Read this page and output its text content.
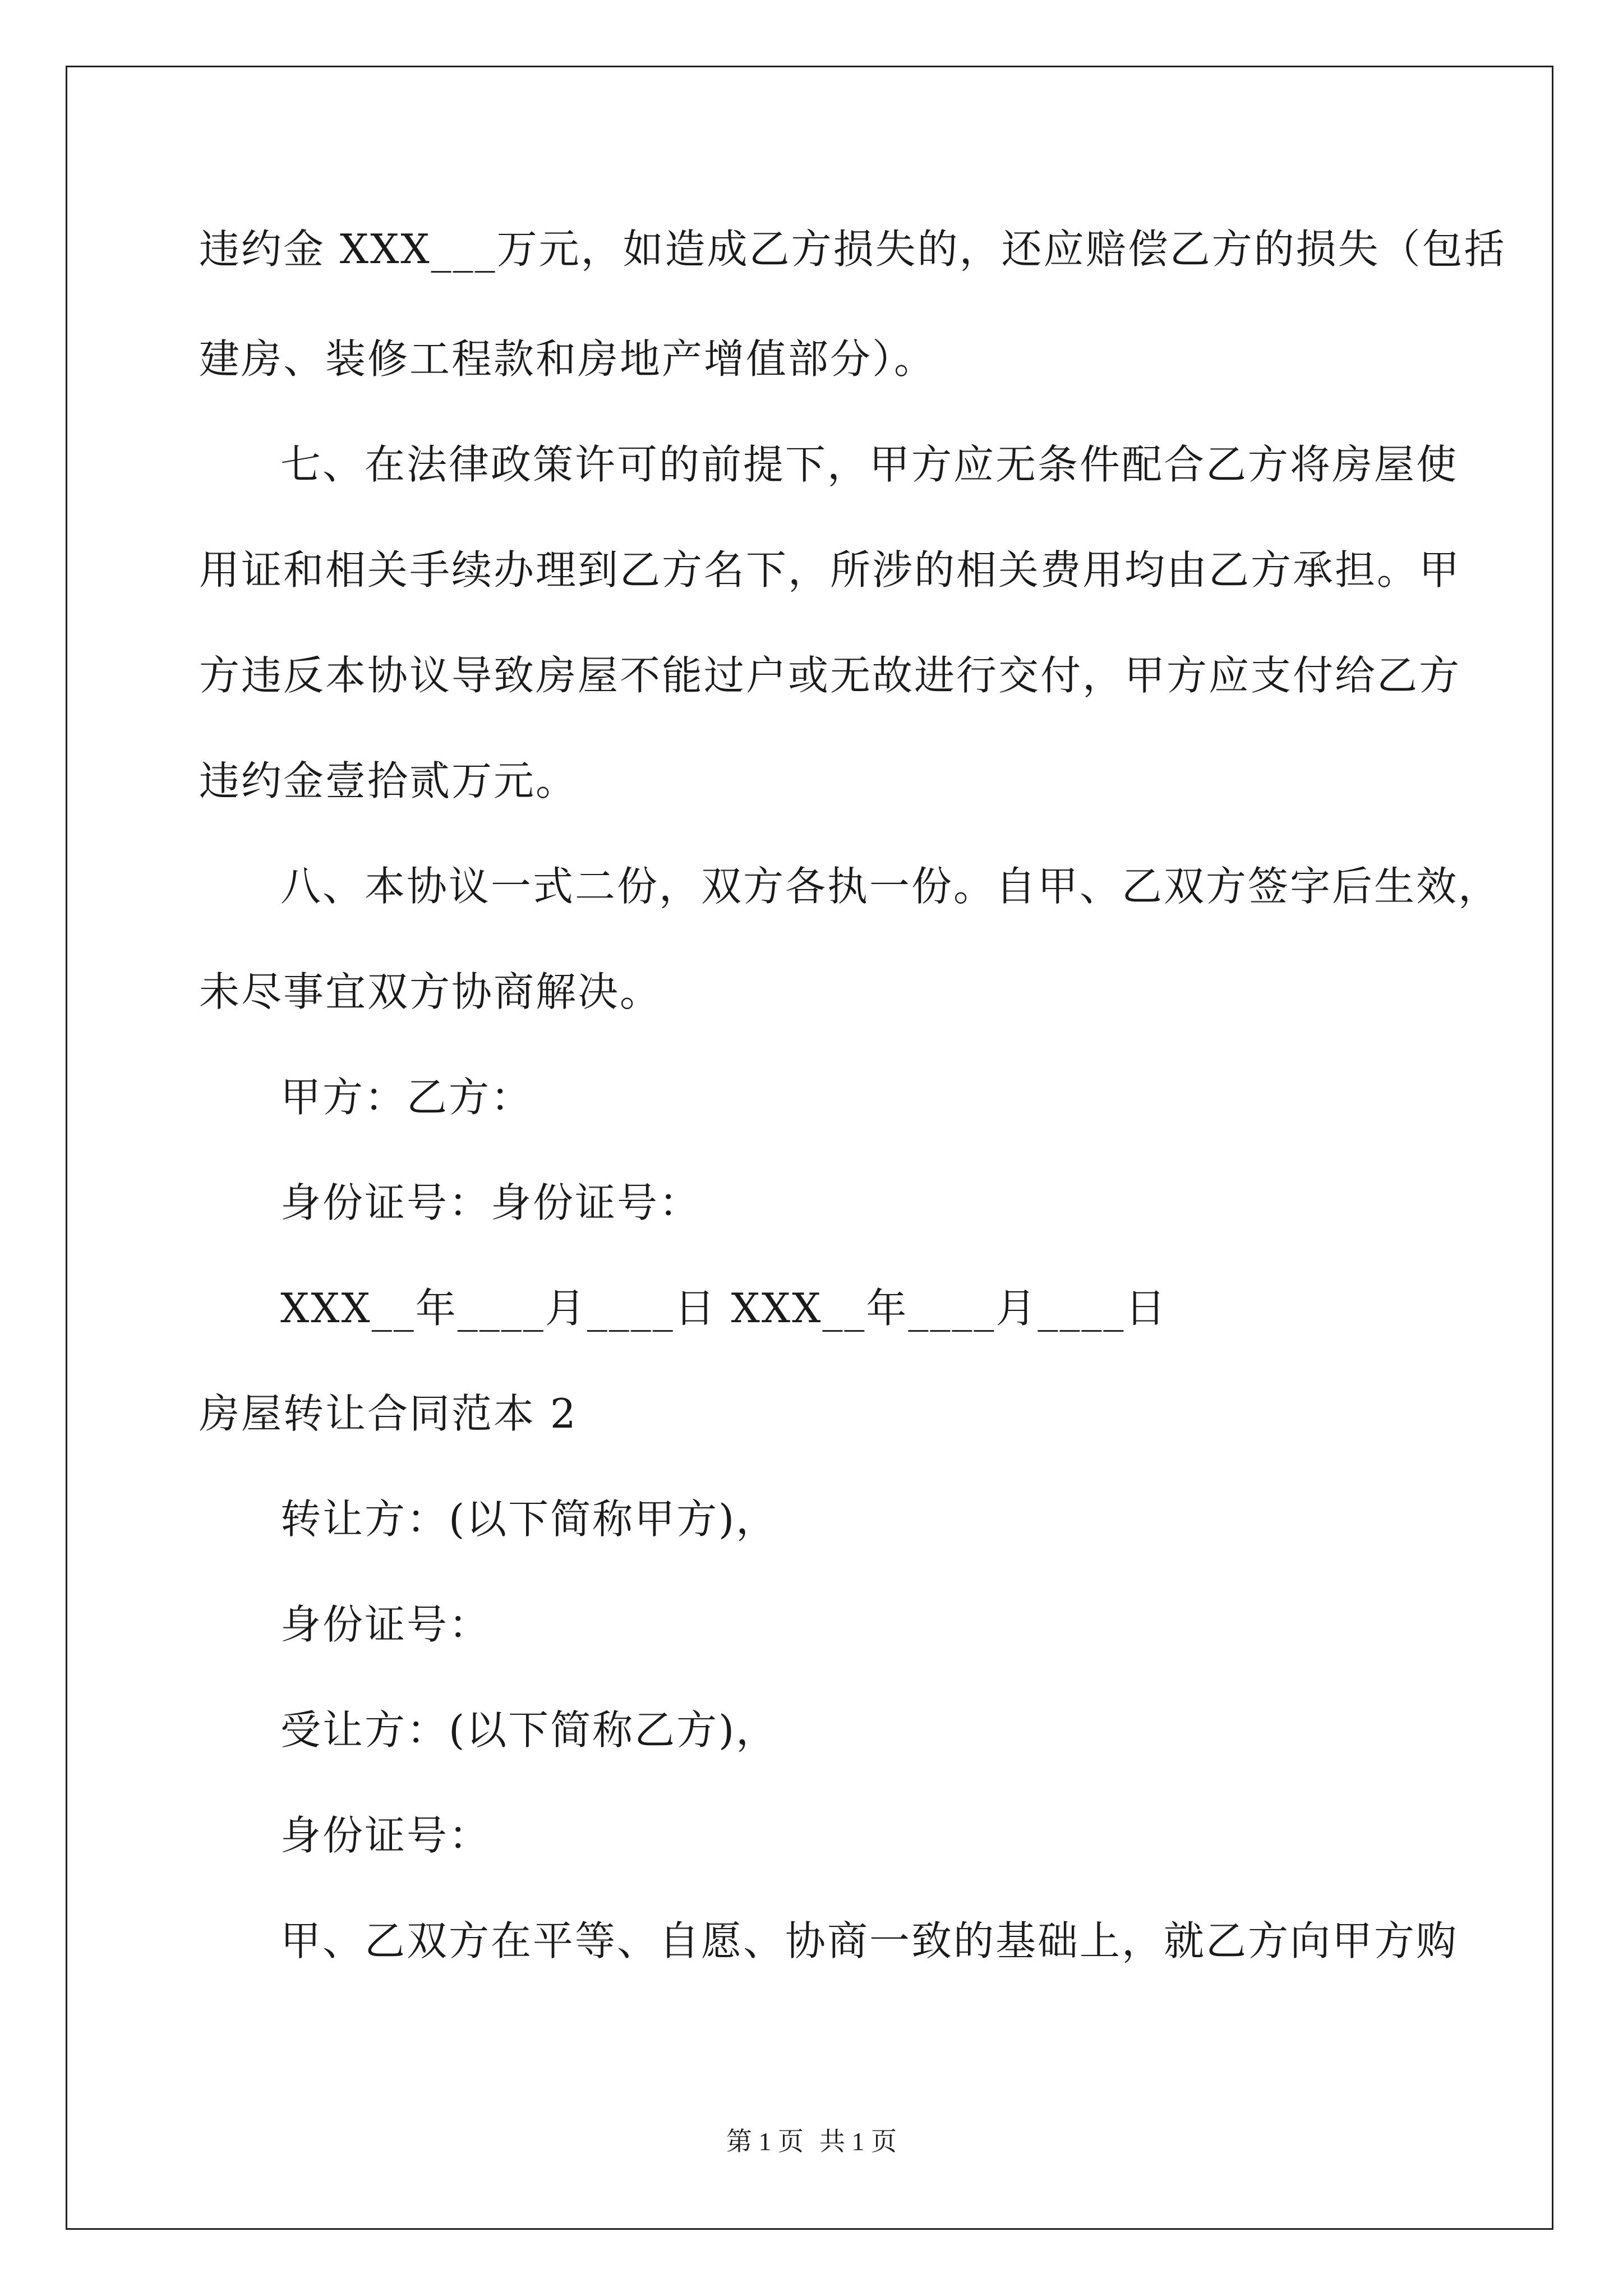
违约金 XXX___万元，如造成乙方损失的，还应赔偿乙方的损失（包括
建房、装修工程款和房地产增值部分）。
七、在法律政策许可的前提下，甲方应无条件配合乙方将房屋使
用证和相关手续办理到乙方名下，所涉的相关费用均由乙方承担。甲
方违反本协议导致房屋不能过户或无故进行交付，甲方应支付给乙方
违约金壹拾贰万元。
八、本协议一式二份，双方各执一份。自甲、乙双方签字后生效，
未尽事宜双方协商解决。
甲方：乙方：
身份证号：身份证号：
XXX__年____月____日 XXX__年____月____日
房屋转让合同范本 2
转让方：(以下简称甲方)，
身份证号：
受让方：(以下简称乙方)，
身份证号：
甲、乙双方在平等、自愿、协商一致的基础上，就乙方向甲方购
第 1 页 共 1 页
